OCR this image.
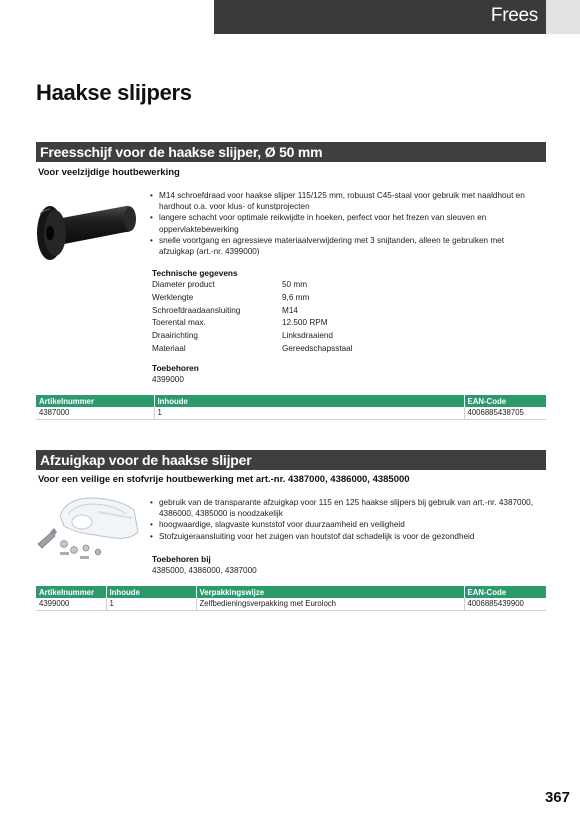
Frees
Haakse slijpers
Freesschijf voor de haakse slijper, Ø 50 mm
Voor veelzijdige houtbewerking
• M14 schroefdraad voor haakse slijper 115/125 mm, robuust C45-staal voor gebruik met naaldhout en hardhout o.a. voor klus- of kunstprojecten
• langere schacht voor optimale reikwijdte in hoeken, perfect voor het frezen van sleuven en oppervlaktebewerking
• snelle voortgang en agressieve materiaalverwijdering met 3 snijtanden, alleen te gebruiken met afzuigkap (art.-nr. 4399000)
Technische gegevens
Diameter product	50 mm
Werklengte	9,6 mm
Schroefdraadaansluiting	M14
Toerental max.	12.500 RPM
Draairichting	Linksdraaiend
Materiaal	Gereedschapsstaal
Toebehoren
4399000
Artikelnummer	Inhoude	EAN-Code
4387000	1	4006885438705
Afzuigkap voor de haakse slijper
Voor een veilige en stofvrije houtbewerking met art.-nr. 4387000, 4386000, 4385000
• gebruik van de transparante afzuigkap voor 115 en 125 haakse slijpers bij gebruik van art.-nr. 4387000, 4386000, 4385000 is noodzakelijk
• hoogwaardige, slagvaste kunststof voor duurzaamheid en veiligheid
• Stofzuigeraansluiting voor het zuigen van houtstof dat schadelijk is voor de gezondheid
Toebehoren bij
4385000, 4386000, 4387000
Artikelnummer	Inhoude	Verpakkingswijze	EAN-Code
4399000	1	Zelfbedieningsverpakking met Euroloch	4006885439900
367
